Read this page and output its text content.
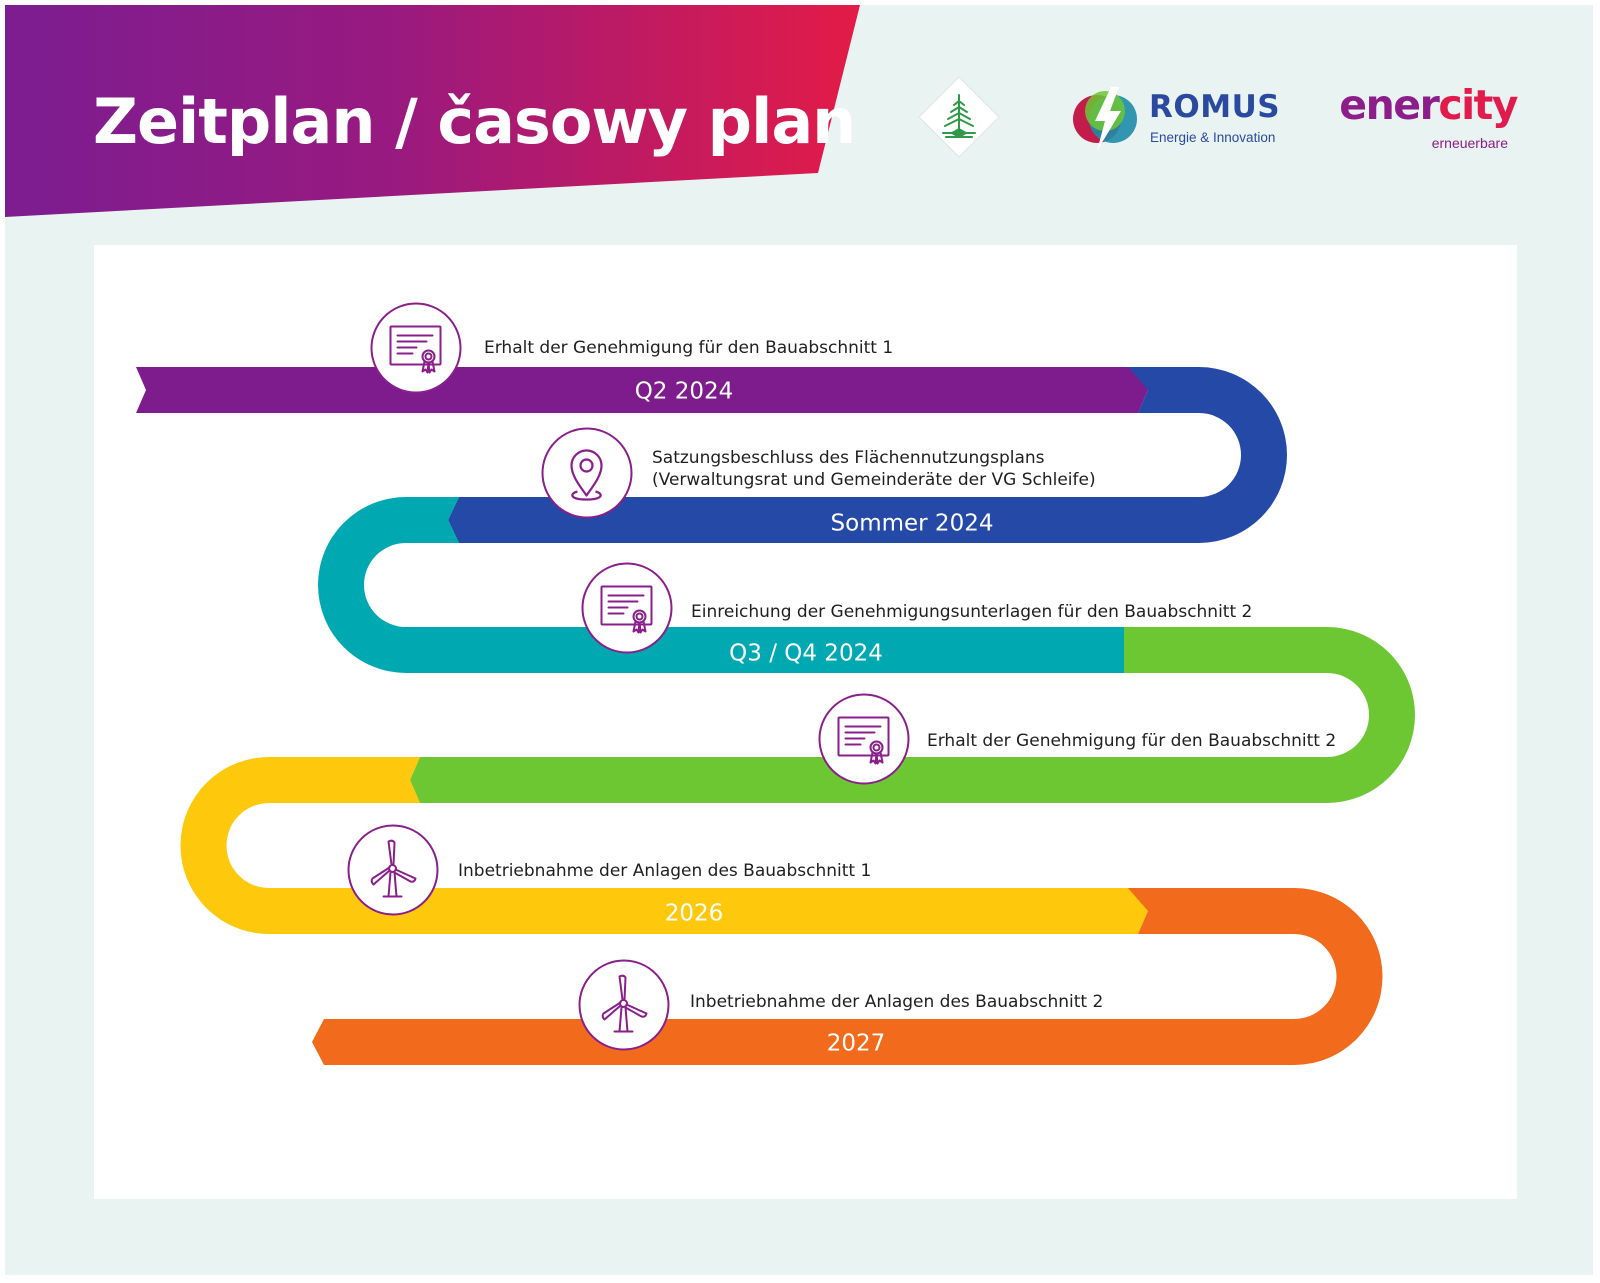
Zeitplan / časowy plan	ROMUS
Energie & Innovation
enercity
erneuerbare
Q2 2024
Sommer 2024
Q3 / Q4 2024
2026
2027
Erhalt der Genehmigung für den Bauabschnitt 1
Satzungsbeschluss des Flächennutzungsplans
(Verwaltungsrat und Gemeinderäte der VG Schleife)
Einreichung der Genehmigungsunterlagen für den Bauabschnitt 2
Erhalt der Genehmigung für den Bauabschnitt 2
Inbetriebnahme der Anlagen des Bauabschnitt 1
Inbetriebnahme der Anlagen des Bauabschnitt 2
